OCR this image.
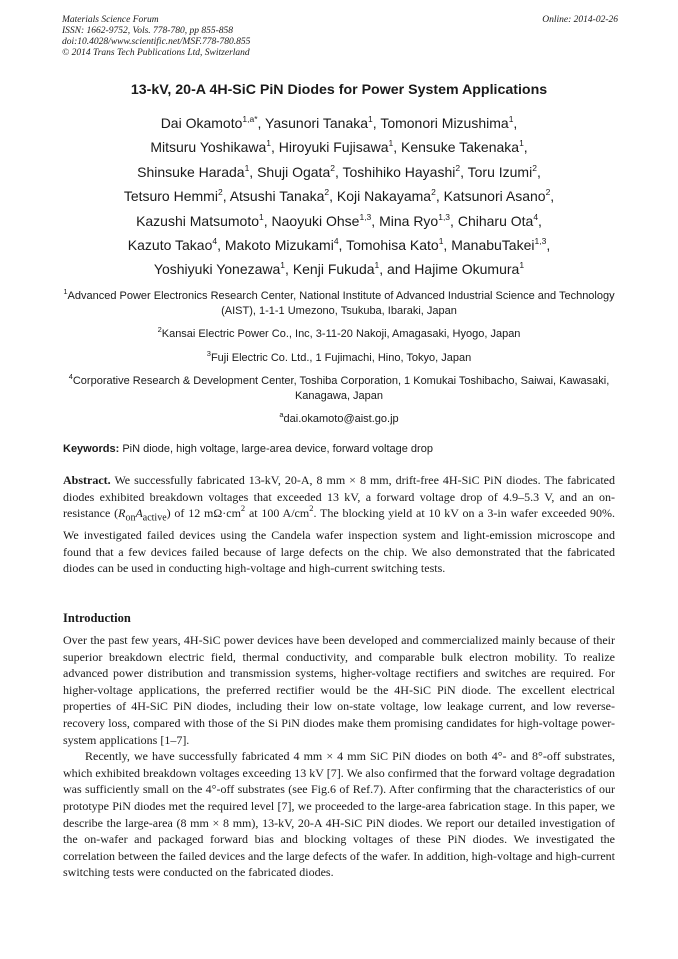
Materials Science Forum
ISSN: 1662-9752, Vols. 778-780, pp 855-858
doi:10.4028/www.scientific.net/MSF.778-780.855
© 2014 Trans Tech Publications Ltd, Switzerland
Online: 2014-02-26
13-kV, 20-A 4H-SiC PiN Diodes for Power System Applications
Dai Okamoto$^{1,a*}$, Yasunori Tanaka$^1$, Tomonori Mizushima$^1$,
Mitsuru Yoshikawa$^1$, Hiroyuki Fujisawa$^1$, Kensuke Takenaka$^1$,
Shinsuke Harada$^1$, Shuji Ogata$^2$, Toshihiko Hayashi$^2$, Toru Izumi$^2$,
Tetsuro Hemmi$^2$, Atsushi Tanaka$^2$, Koji Nakayama$^2$, Katsunori Asano$^2$,
Kazushi Matsumoto$^1$, Naoyuki Ohse$^{1,3}$, Mina Ryo$^{1,3}$, Chiharu Ota$^4$,
Kazuto Takao$^4$, Makoto Mizukami$^4$, Tomohisa Kato$^1$, ManabuTakei$^{1,3}$,
Yoshiyuki Yonezawa$^1$, Kenji Fukuda$^1$, and Hajime Okumura$^1$
$^1$Advanced Power Electronics Research Center, National Institute of Advanced Industrial Science and Technology (AIST), 1-1-1 Umezono, Tsukuba, Ibaraki, Japan
$^2$Kansai Electric Power Co., Inc, 3-11-20 Nakoji, Amagasaki, Hyogo, Japan
$^3$Fuji Electric Co. Ltd., 1 Fujimachi, Hino, Tokyo, Japan
$^4$Corporative Research & Development Center, Toshiba Corporation, 1 Komukai Toshibacho, Saiwai, Kawasaki, Kanagawa, Japan
$^a$dai.okamoto@aist.go.jp
Keywords: PiN diode, high voltage, large-area device, forward voltage drop
Abstract. We successfully fabricated 13-kV, 20-A, 8 mm × 8 mm, drift-free 4H-SiC PiN diodes. The fabricated diodes exhibited breakdown voltages that exceeded 13 kV, a forward voltage drop of 4.9–5.3 V, and an on-resistance $(R_{on}A_{active})$ of 12 $m\Omega\cdot cm^2$ at 100 $A/cm^2$. The blocking yield at 10 kV on a 3-in wafer exceeded 90%. We investigated failed devices using the Candela wafer inspection system and light-emission microscope and found that a few devices failed because of large defects on the chip. We also demonstrated that the fabricated diodes can be used in conducting high-voltage and high-current switching tests.
Introduction

Over the past few years, 4H-SiC power devices have been developed and commercialized mainly because of their superior breakdown electric field, thermal conductivity, and comparable bulk electron mobility. To realize advanced power distribution and transmission systems, higher-voltage rectifiers and switches are required. For higher-voltage applications, the preferred rectifier would be the 4H-SiC PiN diode. The excellent electrical properties of 4H-SiC PiN diodes, including their low on-state voltage, low leakage current, and low reverse-recovery loss, compared with those of the Si PiN diodes make them promising candidates for high-voltage power-system applications [1–7].

Recently, we have successfully fabricated 4 mm × 4 mm SiC PiN diodes on both 4°- and 8°-off substrates, which exhibited breakdown voltages exceeding 13 kV [7]. We also confirmed that the forward voltage degradation was sufficiently small on the 4°-off substrates (see Fig.6 of Ref.7). After confirming that the characteristics of our prototype PiN diodes met the required level [7], we proceeded to the large-area fabrication stage. In this paper, we describe the large-area (8 mm × 8 mm), 13-kV, 20-A 4H-SiC PiN diodes. We report our detailed investigation of the on-wafer and packaged forward bias and blocking voltages of these PiN diodes. We investigated the correlation between the failed devices and the large defects of the wafer. In addition, high-voltage and high-current switching tests were conducted on the fabricated diodes.
